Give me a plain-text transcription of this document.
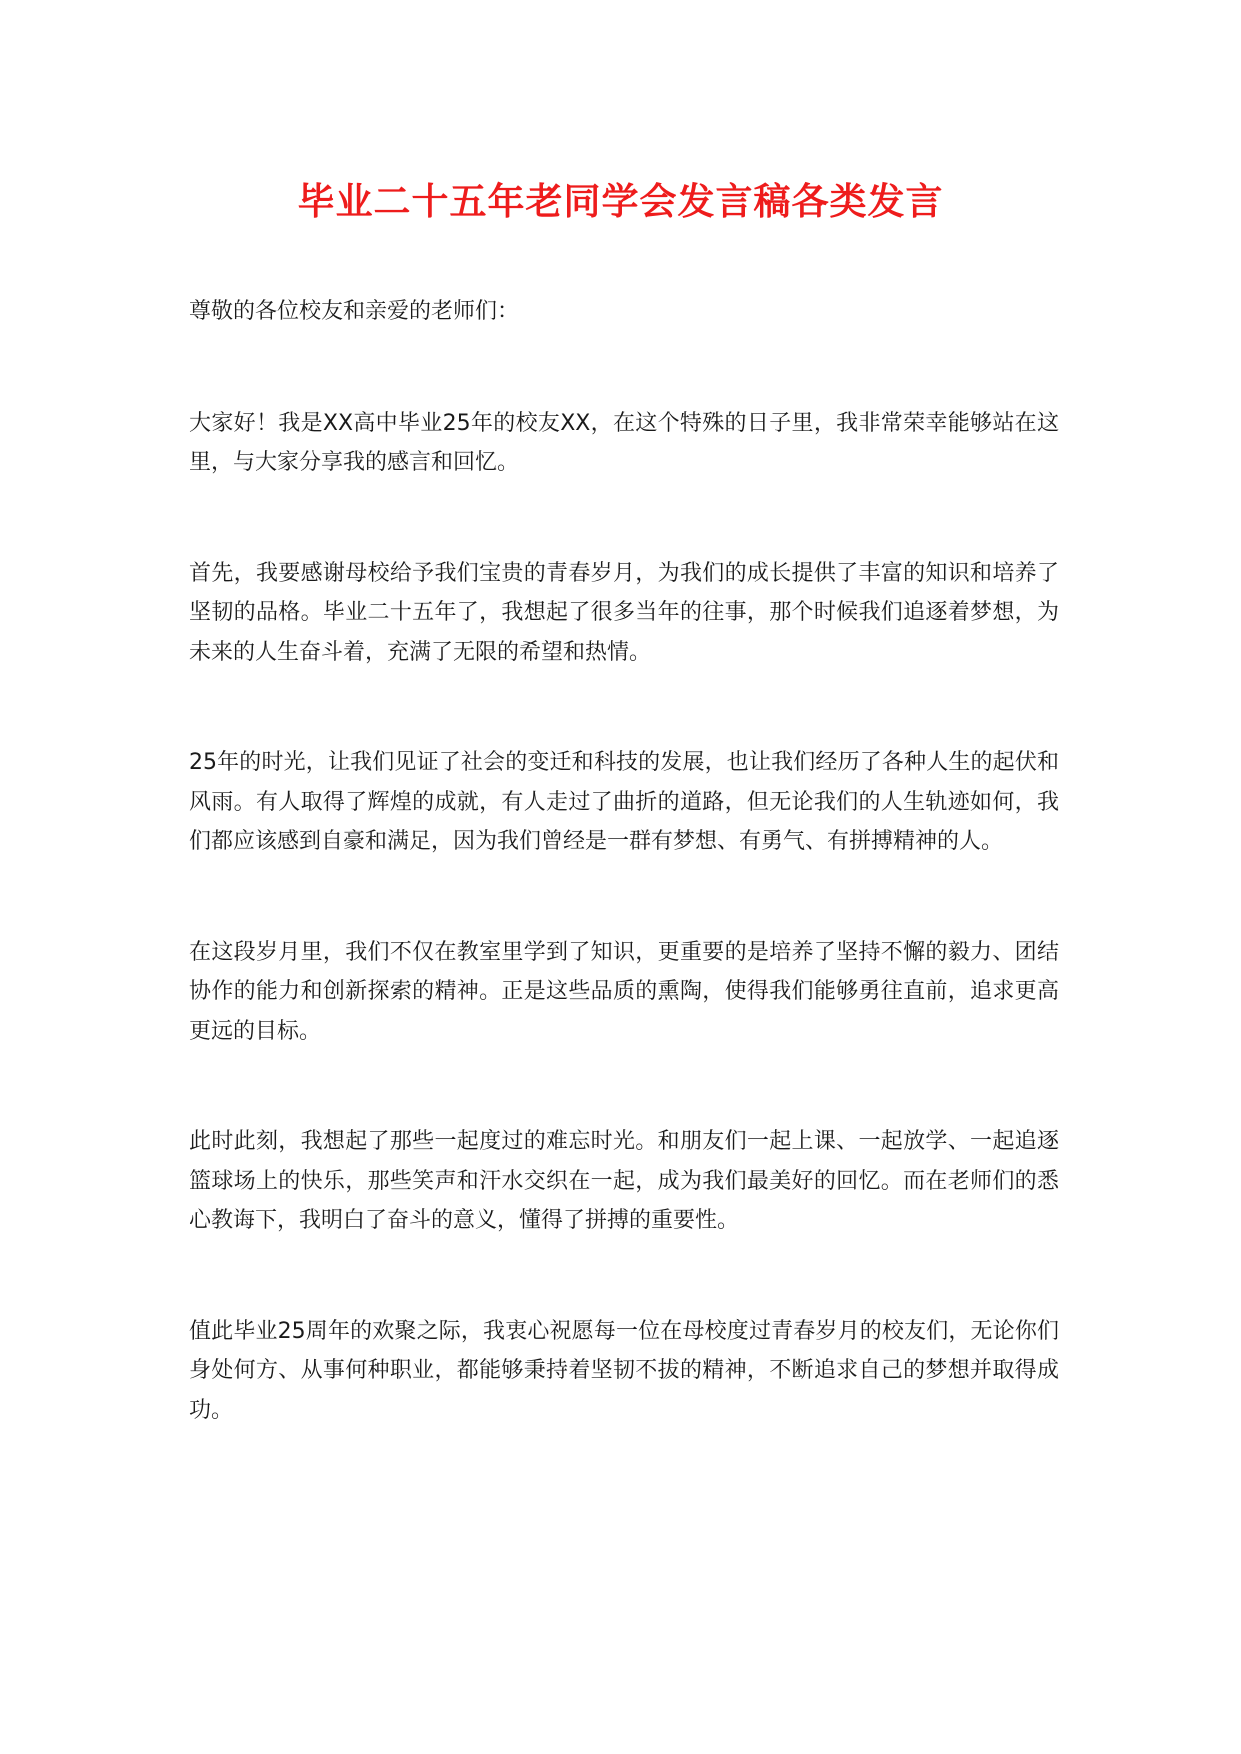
毕业二十五年老同学会发言稿各类发言

尊敬的各位校友和亲爱的老师们：

大家好！我是XX高中毕业25年的校友XX，在这个特殊的日子里，我非常荣幸能够站在这里，与大家分享我的感言和回忆。

首先，我要感谢母校给予我们宝贵的青春岁月，为我们的成长提供了丰富的知识和培养了坚韧的品格。毕业二十五年了，我想起了很多当年的往事，那个时候我们追逐着梦想，为未来的人生奋斗着，充满了无限的希望和热情。

25年的时光，让我们见证了社会的变迁和科技的发展，也让我们经历了各种人生的起伏和风雨。有人取得了辉煌的成就，有人走过了曲折的道路，但无论我们的人生轨迹如何，我们都应该感到自豪和满足，因为我们曾经是一群有梦想、有勇气、有拼搏精神的人。

在这段岁月里，我们不仅在教室里学到了知识，更重要的是培养了坚持不懈的毅力、团结协作的能力和创新探索的精神。正是这些品质的熏陶，使得我们能够勇往直前，追求更高更远的目标。

此时此刻，我想起了那些一起度过的难忘时光。和朋友们一起上课、一起放学、一起追逐篮球场上的快乐，那些笑声和汗水交织在一起，成为我们最美好的回忆。而在老师们的悉心教诲下，我明白了奋斗的意义，懂得了拼搏的重要性。

值此毕业25周年的欢聚之际，我衷心祝愿每一位在母校度过青春岁月的校友们，无论你们身处何方、从事何种职业，都能够秉持着坚韧不拔的精神，不断追求自己的梦想并取得成功。
